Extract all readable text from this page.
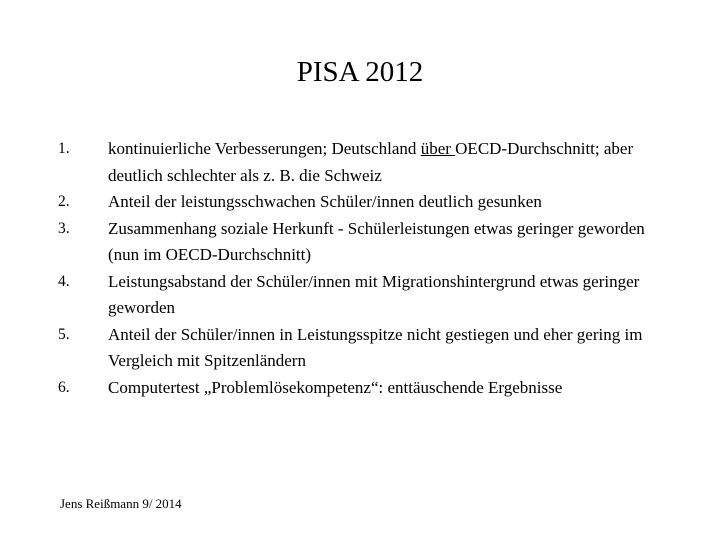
PISA 2012
1.	kontinuierliche Verbesserungen; Deutschland über OECD-Durchschnitt; aber deutlich schlechter als z. B. die Schweiz
2.	Anteil der leistungsschwachen Schüler/innen deutlich gesunken
3.	Zusammenhang soziale Herkunft - Schülerleistungen etwas geringer geworden (nun im OECD-Durchschnitt)
4.	Leistungsabstand der Schüler/innen mit Migrationshintergrund etwas geringer geworden
5.	Anteil der Schüler/innen in Leistungsspitze nicht gestiegen und eher gering im Vergleich mit Spitzenländern
6.	Computertest „Problemlösekompetenz“: enttäuschende Ergebnisse
Jens Reißmann 9/ 2014
